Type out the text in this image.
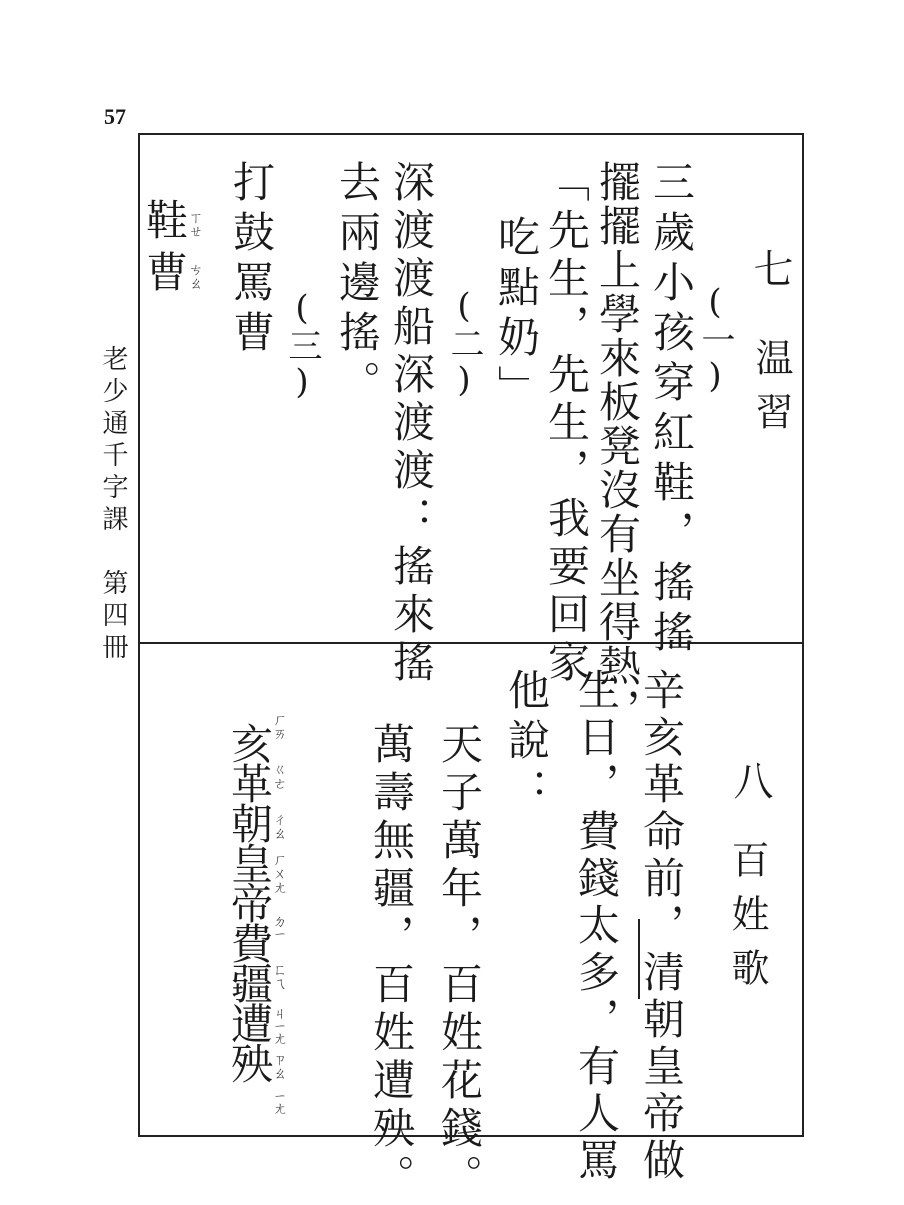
57
老少通千字課　第四冊
七
温習
(一)
三歲小孩穿紅鞋，搖搖
擺擺上學來板凳沒有坐得熱，
「先生，先生，我要回家
吃點奶」
(二)
深渡渡船深渡渡：搖來搖
去兩邊搖。
(三)
打鼓罵曹
鞋
ㄒㄝ
曹
ㄘㄠ
八
百姓歌
辛亥革命前，清朝皇帝做
生日，費錢太多，有人罵
他說：
天子萬年，百姓花錢。
萬壽無疆，百姓遭殃。
亥革朝皇帝費疆遭殃
ㄏㄞ
ㄍㄜ
ㄔㄠ
ㄏㄨㄤ
ㄉㄧ
ㄈㄟ
ㄐㄧㄤ
ㄗㄠ
ㄧㄤ
